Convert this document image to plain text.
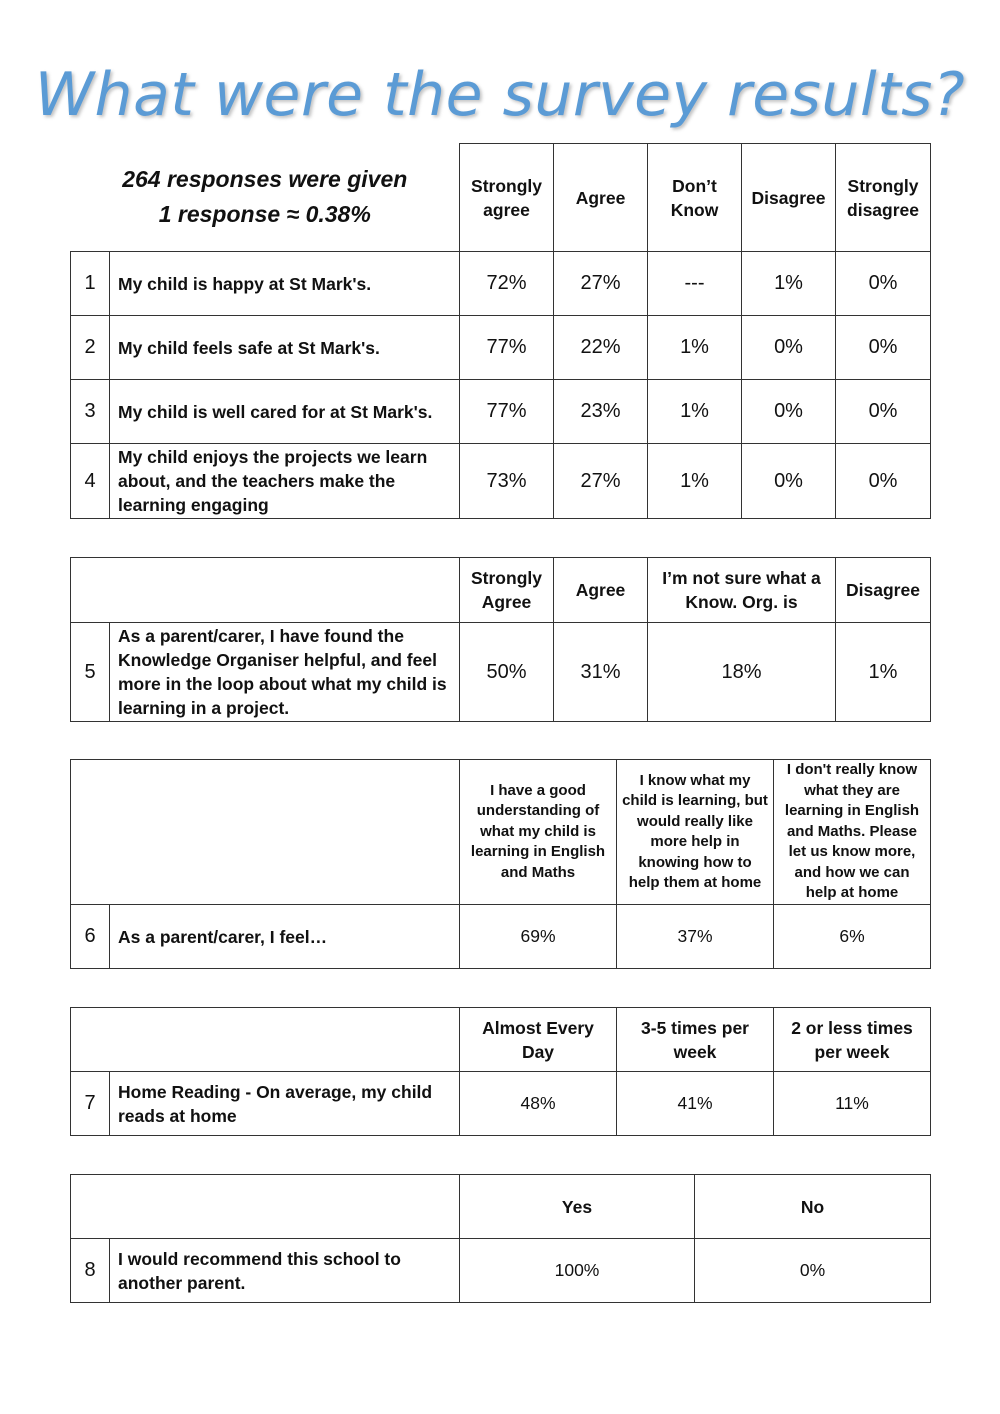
What were the survey results?
264 responses were given
1 response ≈ 0.38%		Strongly agree	Agree	Don’t Know	Disagree	Strongly disagree
1	My child is happy at St Mark's.	72%	27%	---	1%	0%
2	My child feels safe at St Mark's.	77%	22%	1%	0%	0%
3	My child is well cared for at St Mark's.	77%	23%	1%	0%	0%
4	My child enjoys the projects we learn about, and the teachers make the learning engaging	73%	27%	1%	0%	0%
		Strongly Agree	Agree	I’m not sure what a Know. Org. is	Disagree
5	As a parent/carer, I have found the Knowledge Organiser helpful, and feel more in the loop about what my child is learning in a project.	50%	31%	18%	1%
		I have a good understanding of what my child is learning in English and Maths	I know what my child is learning, but would really like more help in knowing how to help them at home	I don't really know what they are learning in English and Maths. Please let us know more, and how we can help at home
6	As a parent/carer, I feel…	69%	37%	6%
		Almost Every Day	3-5 times per week	2 or less times per week
7	Home Reading - On average, my child reads at home	48%	41%	11%
		Yes	No
8	I would recommend this school to another parent.	100%	0%
